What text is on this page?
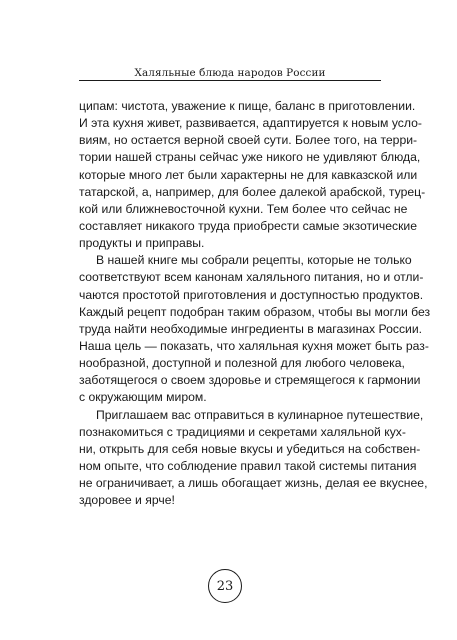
Халяльные блюда народов России
ципам: чистота, уважение к пище, баланс в приготовлении.
И эта кухня живет, развивается, адаптируется к новым усло-
виям, но остается верной своей сути. Более того, на терри-
тории нашей страны сейчас уже никого не удивляют блюда,
которые много лет были характерны не для кавказской или
татарской, а, например, для более далекой арабской, турец-
кой или ближневосточной кухни. Тем более что сейчас не
составляет никакого труда приобрести самые экзотические
продукты и приправы.
В нашей книге мы собрали рецепты, которые не только
соответствуют всем канонам халяльного питания, но и отли-
чаются простотой приготовления и доступностью продуктов.
Каждый рецепт подобран таким образом, чтобы вы могли без
труда найти необходимые ингредиенты в магазинах России.
Наша цель — показать, что халяльная кухня может быть раз-
нообразной, доступной и полезной для любого человека,
заботящегося о своем здоровье и стремящегося к гармонии
с окружающим миром.
Приглашаем вас отправиться в кулинарное путешествие,
познакомиться с традициями и секретами халяльной кух-
ни, открыть для себя новые вкусы и убедиться на собствен-
ном опыте, что соблюдение правил такой системы питания
не ограничивает, а лишь обогащает жизнь, делая ее вкуснее,
здоровее и ярче!
23
